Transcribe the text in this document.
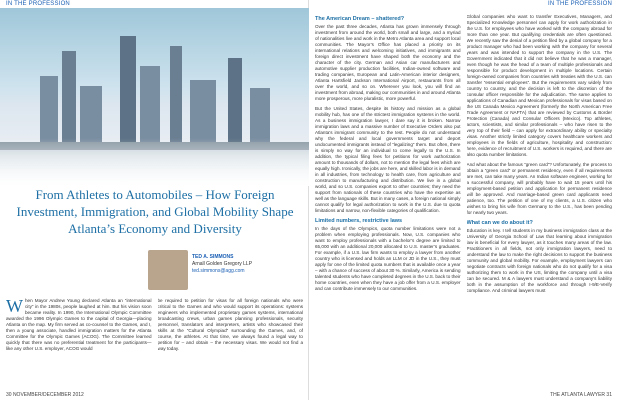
IN THE PROFESSION
From Athletes to Automobiles – How Foreign Investment, Immigration, and Global Mobility Shape Atlanta’s Economy and Diversity
TED A. SIMMONS
Arnall Golden Gregory LLP
ted.simmons@agg.com
When Mayor Andrew Young declared Atlanta an “international city” in the 1980s, people laughed at him. But his vision soon became reality. In 1990, the International Olympic Committee awarded the 1996 Olympic Games to the capital of Georgia—placing Atlanta on the map. My firm served as co-counsel to the Games, and I, then a young associate, handled immigration matters for the Atlanta Committee for the Olympic Games (ACOG). The Committee learned quickly that there was no preferential treatment for the participants—like any other U.S. employer, ACOG would
be required to petition for visas for all foreign nationals who were critical to the Games and who would support its operations: systems engineers who implemented proprietary games systems, international broadcasting crews, urban games planning professionals, security personnel, translators and interpreters, artists who showcased their skills at the “Cultural Olympiad” surrounding the Games, and, of course, the athletes. At that time, we always found a legal way to petition for – and obtain – the necessary visas. We would not find a way today.
30 NOVEMBER/DECEMBER 2012
IN THE PROFESSION
The American Dream – shattered?

Over the past three decades, Atlanta has grown immensely through investment from around the world, both small and large, and a myriad of nationalities live and work in the Metro Atlanta area and support local communities. The Mayor’s Office has placed a priority on its international relations and welcoming initiatives, and immigrants and foreign direct investment have shaped both the economy and the character of the city. German and Asian car manufacturers and automotive supplier production facilities, Indian-owned software and trading companies, European and Latin-American interior designers, Atlanta Hartsfield Jackson International Airport, restaurants from all over the world, and so on. Wherever you look, you will find an investment from abroad, making our communities in and around Atlanta more prosperous, more pluralistic, more powerful.

But the United States, despite its history and mission as a global mobility hub, has one of the strictest immigration systems in the world. As a business immigration lawyer, I dare say it is broken. Narrow immigration laws and a massive number of Executive Orders also put Atlanta’s immigrant community to the test. People do not understand why the federal and local governments target and deport undocumented immigrants instead of “legalizing” them. But often, there is simply no way for an individual to come legally to the U.S. In addition, the typical filing fees for petitions for work authorization amount to thousands of dollars, not to mention the legal fees which are equally high. Ironically, the jobs are here, and skilled labor is in demand in all industries, from technology to health care, from agriculture and construction to manufacturing and distribution. We live in a global world, and so U.S. companies export to other countries; they need the support from nationals of these countries who have the expertise as well as the language skills. But in many cases, a foreign national simply cannot qualify for legal authorization to work in the U.S. due to quota limitations and narrow, non-flexible categories of qualification.

Limited numbers, restrictive laws

In the days of the Olympics, quota number limitations were not a problem when employing professionals. Now, U.S. companies who want to employ professionals with a bachelor’s degree are limited to 65,000 with an additional 20,000 allocated to U.S. master’s graduates. For example, if a U.S. law firm wants to employ a lawyer from another country who is licensed and holds an LLM or JD in the U.S., they must apply for one of the limited quota numbers that is available once a year – with a chance of success of about 30 %. Similarly, America is sending talented students who have completed degrees in the U.S. back to their home countries, even when they have a job offer from a U.S. employer and can contribute immensely to our communities.

Global companies who want to transfer Executives, Managers, and Specialized Knowledge personnel can apply for work authorization in the U.S. for employees who have worked with the company abroad for more than one year. But qualifying credentials are often questioned. We recently saw the denial of a petition filed by a global company for a product manager who had been working with the company for several years and was intended to support the company in the U.S. The Government indicated that it did not believe that he was a manager, even though he was the head of a team of multiple professionals and responsible for product development in multiple locations. Certain foreign-owned companies from countries with treaties with the U.S. can transfer “essential employees”. But the requirements vary widely from country to country, and the decision is left to the discretion of the consular officer responsible for the adjudication. The same applies to applications of Canadian and Mexican professionals for visas based on the US Canada Mexico Agreement (formerly the North American Free Trade Agreement or NAFTA) that are reviewed by Customs & Border Protection (Canada) and Consular Officers (Mexico). Top athletes, actors, scientists, and similar professionals – who have risen to the very top of their field – can apply for extraordinary ability or specialty visas. Another strictly limited category covers healthcare workers and employees in the fields of agriculture, hospitality and construction: here, evidence of recruitment of U.S. workers is required, and there are also quota number limitations.

And what about the famous “green card”? Unfortunately, the process to obtain a “green card” or permanent residency, even if all requirements are met, can take many years. An Indian software engineer, working for a successful company, will probably have to wait 15 years until his employment-based petition and application for permanent residence will be approved. And marriage-based green card applicants need patience, too. The petition of one of my clients, a U.S. citizen who wishes to bring his wife from Germany to the U.S., has been pending for nearly two years.

What can we do about it?

Education is key. I tell students in my business immigration class at the University of Georgia School of Law that learning about immigration law is beneficial for every lawyer, as it touches many areas of the law. Practitioners in all fields, not only immigration lawyers, need to understand the law to make the right decisions to support the business community and global mobility. For example, employment lawyers can negotiate contracts with foreign nationals who do not qualify for a visa authorizing them to work in the US, limiting the company until a visa can be secured. M & A lawyers must understand a company’s liability both in the assumption of the workforce and through I-9/E-Verify compliance. And criminal lawyers must

THE ATLANTA LAWYER 31
